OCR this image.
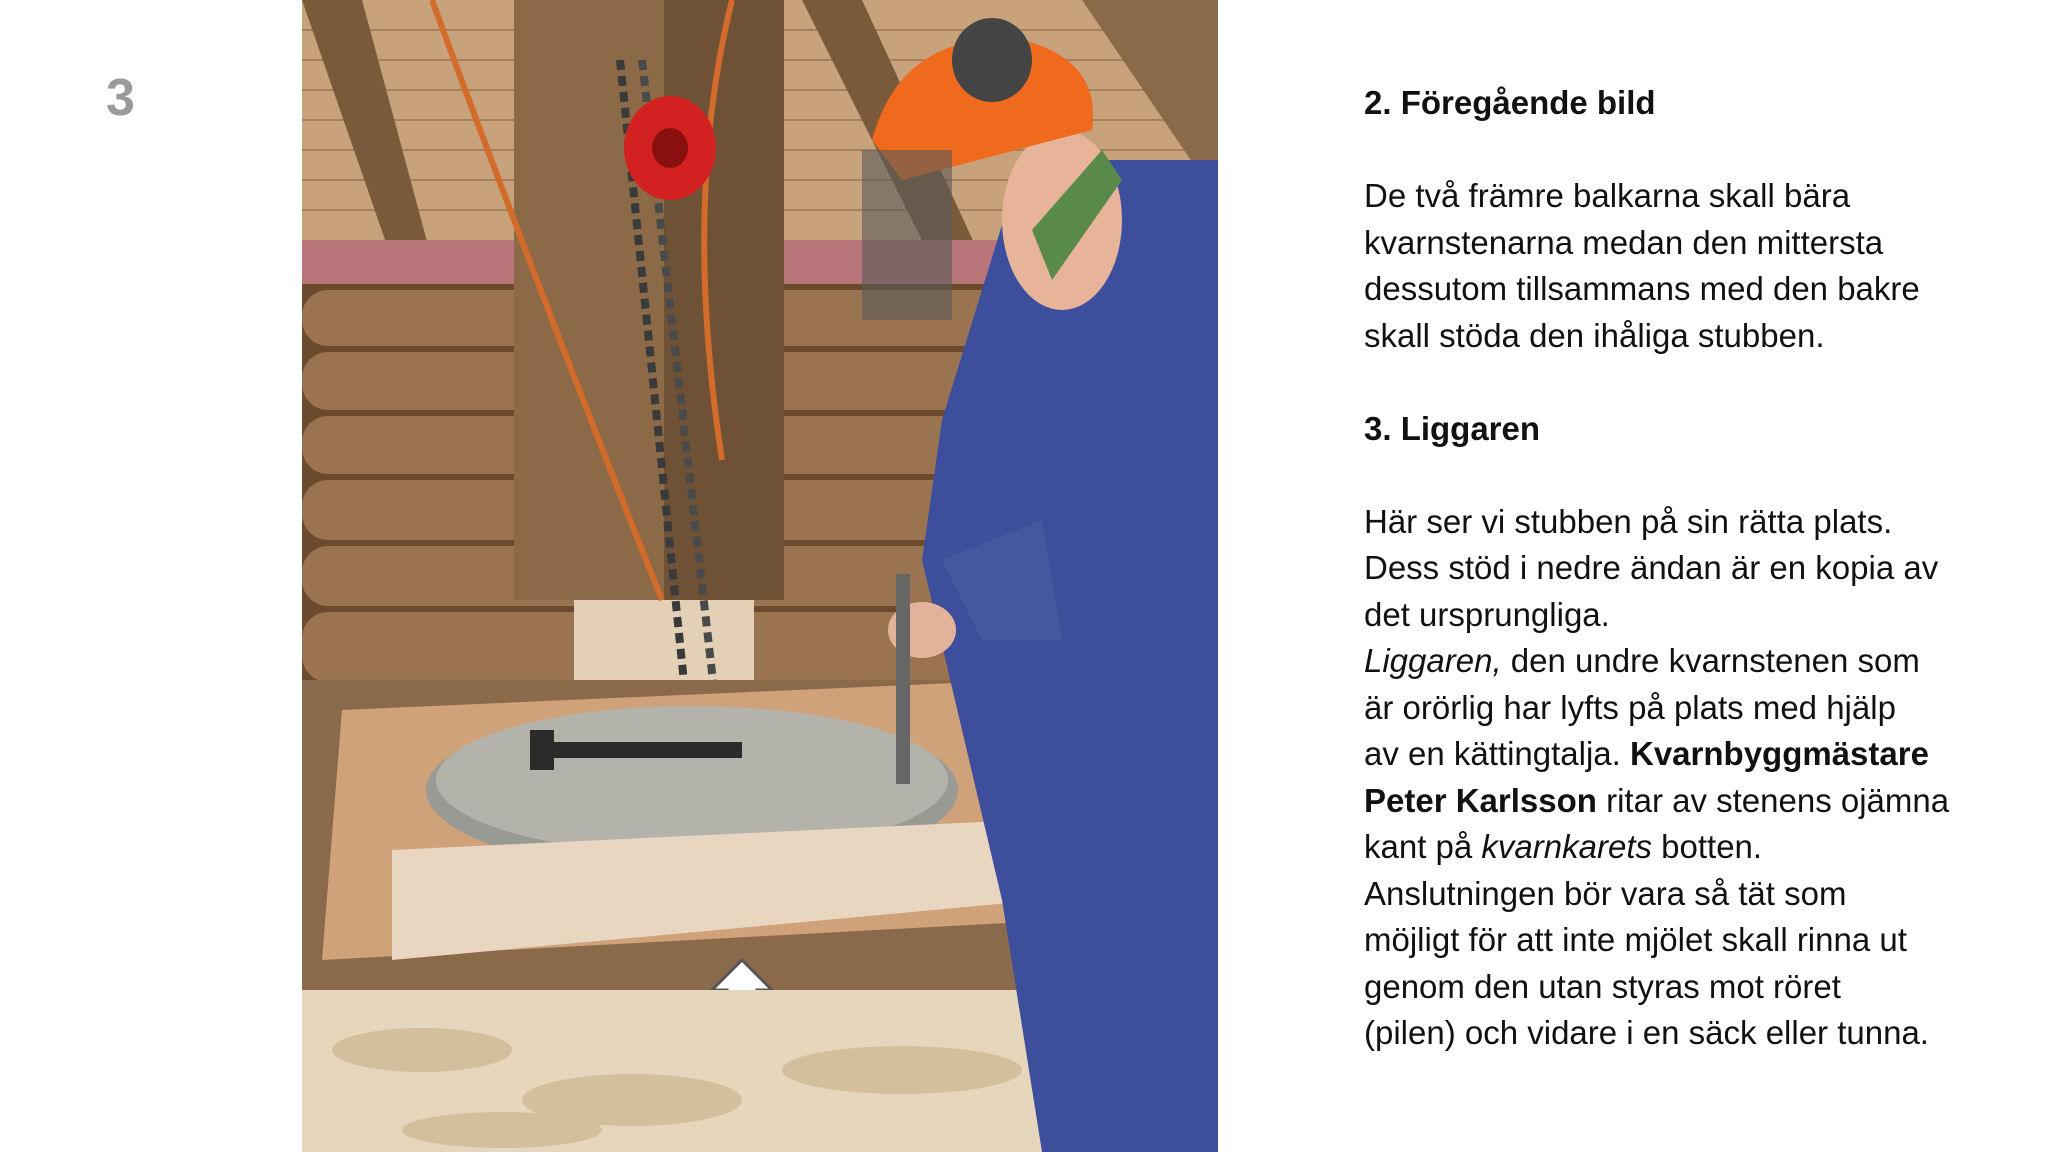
3	2. Föregående bild

De två främre balkarna skall bära

kvarnstenarna medan den mittersta

dessutom tillsammans med den bakre

skall stöda den ihåliga stubben.

3. Liggaren

Här ser vi stubben på sin rätta plats.

Dess stöd i nedre ändan är en kopia av

det ursprungliga.

Liggaren, den undre kvarnstenen som

är orörlig har lyfts på plats med hjälp

av en kättingtalja. Kvarnbyggmästare

Peter Karlsson ritar av stenens ojämna

kant på kvarnkarets botten.

Anslutningen bör vara så tät som

möjligt för att inte mjölet skall rinna ut

genom den utan styras mot röret

(pilen) och vidare i en säck eller tunna.
